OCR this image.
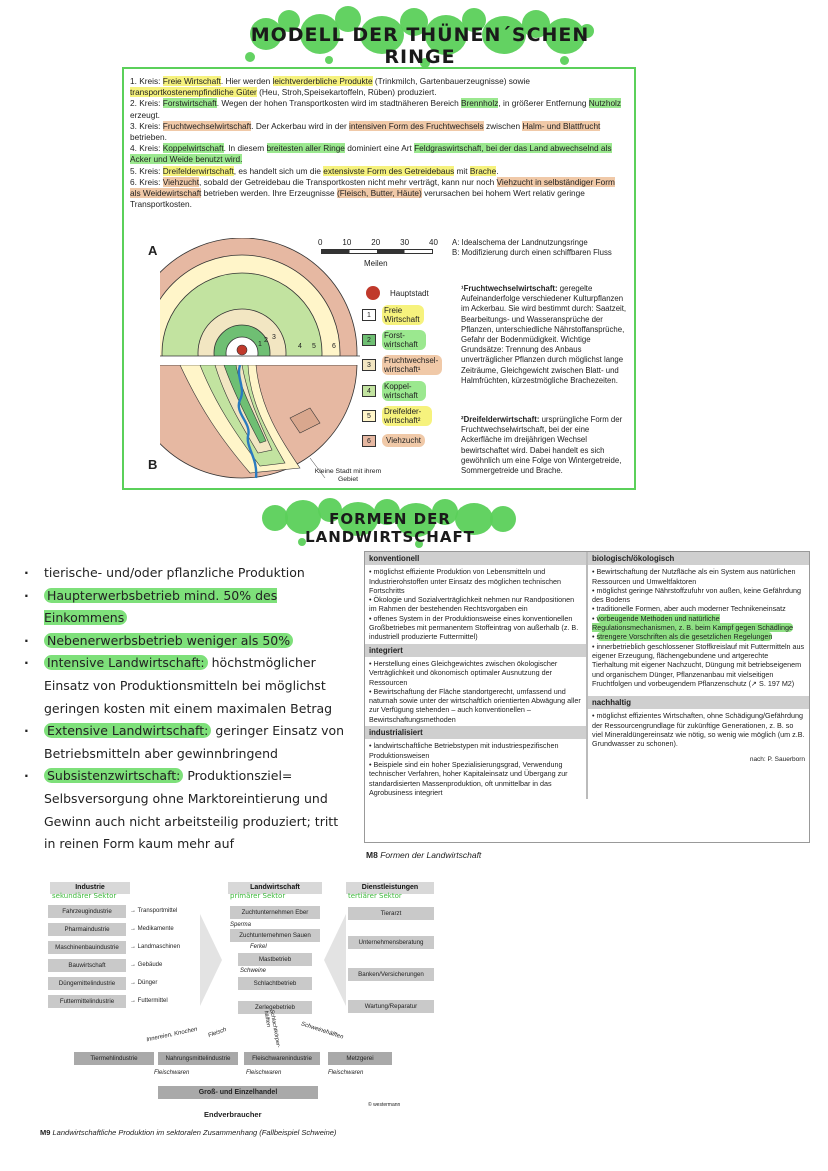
MODELL DER THÜNEN´SCHEN RINGE
1. Kreis: Freie Wirtschaft. Hier werden leichtverderbliche Produkte (Trinkmilch, Gartenbauerzeugnisse) sowie transportkostenempfindliche Güter (Heu, Stroh,Speisekartoffeln, Rüben) produziert.
2. Kreis: Forstwirtschaft. Wegen der hohen Transportkosten wird im stadtnäheren Bereich Brennholz, in größerer Entfernung Nutzholz erzeugt.
3. Kreis: Fruchtwechselwirtschaft. Der Ackerbau wird in der intensiven Form des Fruchtwechsels zwischen Halm- und Blattfrucht betrieben.
4. Kreis: Koppelwirtschaft. In diesem breitesten aller Ringe dominiert eine Art Feldgraswirtschaft, bei der das Land abwechselnd als Acker und Weide benutzt wird.
5. Kreis: Dreifelderwirtschaft, es handelt sich um die extensivste Form des Getreidebaus mit Brache.
6. Kreis: Viehzucht, sobald der Getreidebau die Transportkosten nicht mehr verträgt, kann nur noch Viehzucht in selbständiger Form als Weidewirtschaft betrieben werden. Ihre Erzeugnisse (Fleisch, Butter, Häute) verursachen bei hohem Wert relativ geringe Transportkosten.
A
B
1
2 3
4 5 6
0 10 20 30 40
Meilen
Hauptstadt
1
Freie Wirtschaft
2
Forst- wirtschaft
3
Fruchtwechsel- wirtschaft¹
4
Koppel- wirtschaft
5
Dreifelder- wirtschaft²
6	Viehzucht
Kleine Stadt mit ihrem Gebiet
A: Idealschema der Landnutzungsringe
B: Modifizierung durch einen schiffbaren Fluss
¹Fruchtwechselwirtschaft: geregelte Aufeinanderfolge verschiedener Kulturpflanzen im Ackerbau. Sie wird bestimmt durch: Saatzeit, Bearbeitungs- und Wasseransprüche der Pflanzen, unterschiedliche Nährstoffansprüche, Gefahr der Bodenmüdigkeit. Wichtige Grundsätze: Trennung des Anbaus unverträglicher Pflanzen durch möglichst lange Zeiträume, Gleichgewicht zwischen Blatt- und Halmfrüchten, kürzestmögliche Brachezeiten.
²Dreifelderwirtschaft: ursprüngliche Form der Fruchtwechselwirtschaft, bei der eine Ackerfläche im dreijährigen Wechsel bewirtschaftet wird. Dabei handelt es sich gewöhnlich um eine Folge von Wintergetreide, Sommergetreide und Brache.
FORMEN DER LANDWIRTSCHAFT
· tierische- und/oder pflanzliche Produktion
· Haupterwerbsbetrieb mind. 50% des Einkommens
· Nebenerwerbsbetrieb weniger als 50%
· Intensive Landwirtschaft: höchstmöglicher Einsatz von Produktionsmitteln bei möglichst geringen kosten mit einem maximalen Betrag
· Extensive Landwirtschaft: geringer Einsatz von Betriebsmitteln aber gewinnbringend
· Subsistenzwirtschaft: Produktionsziel= Selbsversorgung ohne Marktoreintierung und Gewinn auch nicht arbeitsteilig produziert; tritt in reinen Form kaum mehr auf
konventionell
• möglichst effiziente Produktion von Lebensmitteln und Industrierohstoffen unter Einsatz des möglichen technischen Fortschritts
• Ökologie und Sozialverträglichkeit nehmen nur Randpositionen im Rahmen der bestehenden Rechtsvorgaben ein
• offenes System in der Produktionsweise eines konventionellen Großbetriebes mit permanentem Stoffeintrag von außerhalb (z. B. industriell produzierte Futtermittel)
integriert
• Herstellung eines Gleichgewichtes zwischen ökologischer Verträglichkeit und ökonomisch optimaler Ausnutzung der Ressourcen
• Bewirtschaftung der Fläche standortgerecht, umfassend und naturnah sowie unter der wirtschaftlich orientierten Abwägung aller zur Verfügung stehenden – auch konventionellen – Bewirtschaftungsmethoden
industrialisiert
• landwirtschaftliche Betriebstypen mit industriespezifischen Produktionsweisen
• Beispiele sind ein hoher Spezialisierungsgrad, Verwendung technischer Verfahren, hoher Kapitaleinsatz und Übergang zur standardisierten Massenproduktion, oft unmittelbar in das Agrobusiness integriert

biologisch/ökologisch
• Bewirtschaftung der Nutzfläche als ein System aus natürlichen Ressourcen und Umweltfaktoren
• möglichst geringe Nährstoffzufuhr von außen, keine Gefährdung des Bodens
• traditionelle Formen, aber auch moderner Technikeneinsatz
• vorbeugende Methoden und natürliche Regulationsmechanismen, z. B. beim Kampf gegen Schädlinge
• strengere Vorschriften als die gesetzlichen Regelungen
• innerbetrieblich geschlossener Stoffkreislauf mit Futtermitteln aus eigener Erzeugung, flächengebundene und artgerechte Tierhaltung mit eigener Nachzucht, Düngung mit betriebseigenem und organischem Dünger, Pflanzenanbau mit vielseitigen Fruchtfolgen und vorbeugendem Pflanzenschutz (↗ S. 197 M2)
nachhaltig
• möglichst effizientes Wirtschaften, ohne Schädigung/Gefährdung der Ressourcengrundlage für zukünftige Generationen, z. B. so viel Mineraldüngereinsatz wie nötig, so wenig wie möglich (um z.B. Grundwasser zu schonen).
nach: P. Sauerborn
M8 Formen der Landwirtschaft
Industrie
sekundärer Sektor
Landwirtschaft
primärer Sektor
Dienstleistungen
tertiärer Sektor
Fahrzeugindustrie
Pharmaindustrie
Maschinenbauindustrie
Bauwirtschaft
Düngemittelindustrie
Futtermittelindustrie
→ Transportmittel
→ Medikamente
→ Landmaschinen
→ Gebäude
→ Dünger
→ Futtermittel
Zuchtunternehmen Eber
Sperma
Zuchtunternehmen Sauen
Ferkel
Mastbetrieb
Schweine
Schlachtbetrieb
Zerlegebetrieb
Tierarzt
Unternehmensberatung
Banken/Versicherungen
Wartung/Reparatur
Innereien, Knochen Fleisch	Schlachtkörper-hälften
Schweinehälften
Tiermehlindustrie	Nahrungsmittelindustrie	Fleischwarenindustrie	Metzgerei
Fleischwaren	Fleischwaren	Fleischwaren
Groß- und Einzelhandel
© westermann
Endverbraucher
M9 Landwirtschaftliche Produktion im sektoralen Zusammenhang (Fallbeispiel Schweine)
